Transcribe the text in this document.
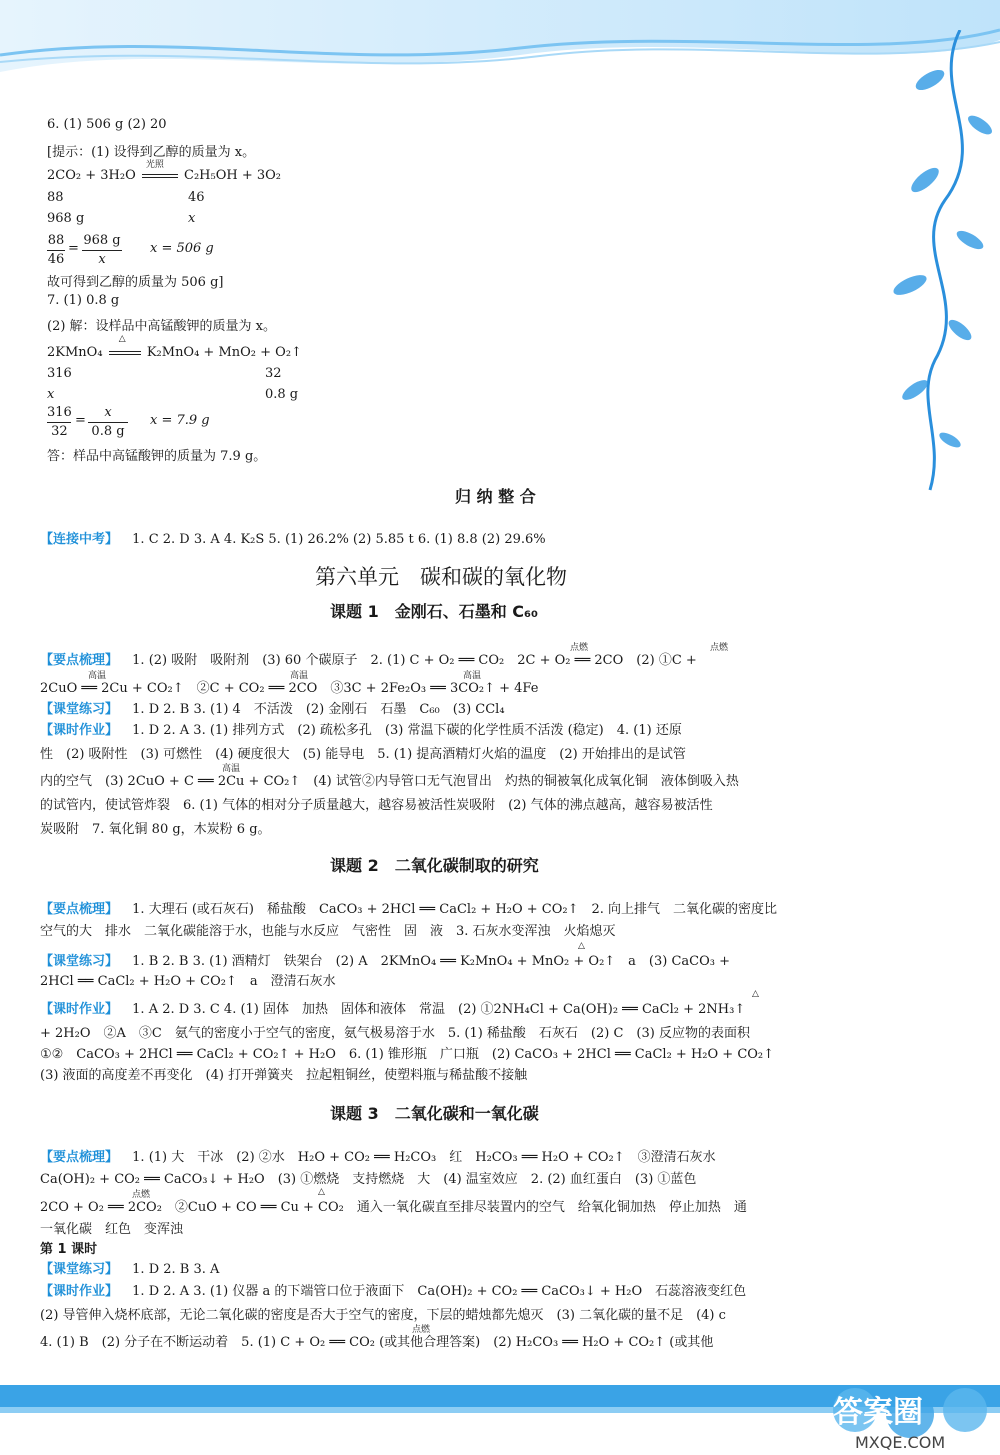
6. (1) 506 g (2) 20
[提示：(1) 设得到乙醇的质量为 x。
2CO₂ + 3H₂O
光照
C₂H₅OH + 3O₂
88	46
968 g	x
$\frac{88}{46} = \frac{968 g}{x}$ x = 506 g
故可得到乙醇的质量为 506 g]
7. (1) 0.8 g
(2) 解：设样品中高锰酸钾的质量为 x。
2KMnO₄
△
K₂MnO₄ + MnO₂ + O₂↑
316	32
x	0.8 g
$\frac{316}{32} = \frac{x}{0.8 g}$ x = 7.9 g
答：样品中高锰酸钾的质量为 7.9 g。
归 纳 整 合
【连接中考】 1. C 2. D 3. A 4. K₂S 5. (1) 26.2% (2) 5.85 t 6. (1) 8.8 (2) 29.6%
第六单元　碳和碳的氧化物
课题 1　金刚石、石墨和 C₆₀
【要点梳理】 1. (2) 吸附　吸附剂　(3) 60 个碳原子　2. (1) C + O₂ ══ CO₂　2C + O₂ ══ 2CO　(2) ①C +
点燃	点燃
2CuO ══ 2Cu + CO₂↑　②C + CO₂ ══ 2CO　③3C + 2Fe₂O₃ ══ 3CO₂↑ + 4Fe
高温	高温	高温
【课堂练习】 1. D 2. B 3. (1) 4　不活泼　(2) 金刚石　石墨　C₆₀　(3) CCl₄
【课时作业】 1. D 2. A 3. (1) 排列方式　(2) 疏松多孔　(3) 常温下碳的化学性质不活泼 (稳定)　4. (1) 还原
性　(2) 吸附性　(3) 可燃性　(4) 硬度很大　(5) 能导电　5. (1) 提高酒精灯火焰的温度　(2) 开始排出的是试管
内的空气　(3) 2CuO + C ══ 2Cu + CO₂↑　(4) 试管②内导管口无气泡冒出　灼热的铜被氧化成氧化铜　液体倒吸入热
高温
的试管内，使试管炸裂　6. (1) 气体的相对分子质量越大，越容易被活性炭吸附　(2) 气体的沸点越高，越容易被活性
炭吸附　7. 氧化铜 80 g，木炭粉 6 g。
课题 2　二氧化碳制取的研究
【要点梳理】 1. 大理石 (或石灰石)　稀盐酸　CaCO₃ + 2HCl ══ CaCl₂ + H₂O + CO₂↑　2. 向上排气　二氧化碳的密度比
空气的大　排水　二氧化碳能溶于水，也能与水反应　气密性　固　液　3. 石灰水变浑浊　火焰熄灭
【课堂练习】 1. B 2. B 3. (1) 酒精灯　铁架台　(2) A　2KMnO₄ ══ K₂MnO₄ + MnO₂ + O₂↑　a　(3) CaCO₃ +
△
2HCl ══ CaCl₂ + H₂O + CO₂↑　a　澄清石灰水
【课时作业】 1. A 2. D 3. C 4. (1) 固体　加热　固体和液体　常温　(2) ①2NH₄Cl + Ca(OH)₂ ══ CaCl₂ + 2NH₃↑
△
+ 2H₂O　②A　③C　氨气的密度小于空气的密度，氨气极易溶于水　5. (1) 稀盐酸　石灰石　(2) C　(3) 反应物的表面积
①②　CaCO₃ + 2HCl ══ CaCl₂ + CO₂↑ + H₂O　6. (1) 锥形瓶　广口瓶　(2) CaCO₃ + 2HCl ══ CaCl₂ + H₂O + CO₂↑
(3) 液面的高度差不再变化　(4) 打开弹簧夹　拉起粗铜丝，使塑料瓶与稀盐酸不接触
课题 3　二氧化碳和一氧化碳
【要点梳理】 1. (1) 大　干冰　(2) ②水　H₂O + CO₂ ══ H₂CO₃　红　H₂CO₃ ══ H₂O + CO₂↑　③澄清石灰水
Ca(OH)₂ + CO₂ ══ CaCO₃↓ + H₂O　(3) ①燃烧　支持燃烧　大　(4) 温室效应　2. (2) 血红蛋白　(3) ①蓝色
2CO + O₂ ══ 2CO₂　②CuO + CO ══ Cu + CO₂　通入一氧化碳直至排尽装置内的空气　给氧化铜加热　停止加热　通
点燃	△
一氧化碳　红色　变浑浊
第 1 课时
【课堂练习】 1. D 2. B 3. A
【课时作业】 1. D 2. A 3. (1) 仪器 a 的下端管口位于液面下　Ca(OH)₂ + CO₂ ══ CaCO₃↓ + H₂O　石蕊溶液变红色
(2) 导管伸入烧杯底部，无论二氧化碳的密度是否大于空气的密度，下层的蜡烛都先熄灭　(3) 二氧化碳的量不足　(4) c
4. (1) B　(2) 分子在不断运动着　5. (1) C + O₂ ══ CO₂ (或其他合理答案)　(2) H₂CO₃ ══ H₂O + CO₂↑ (或其他
点燃
答案圈
MXQE.COM
